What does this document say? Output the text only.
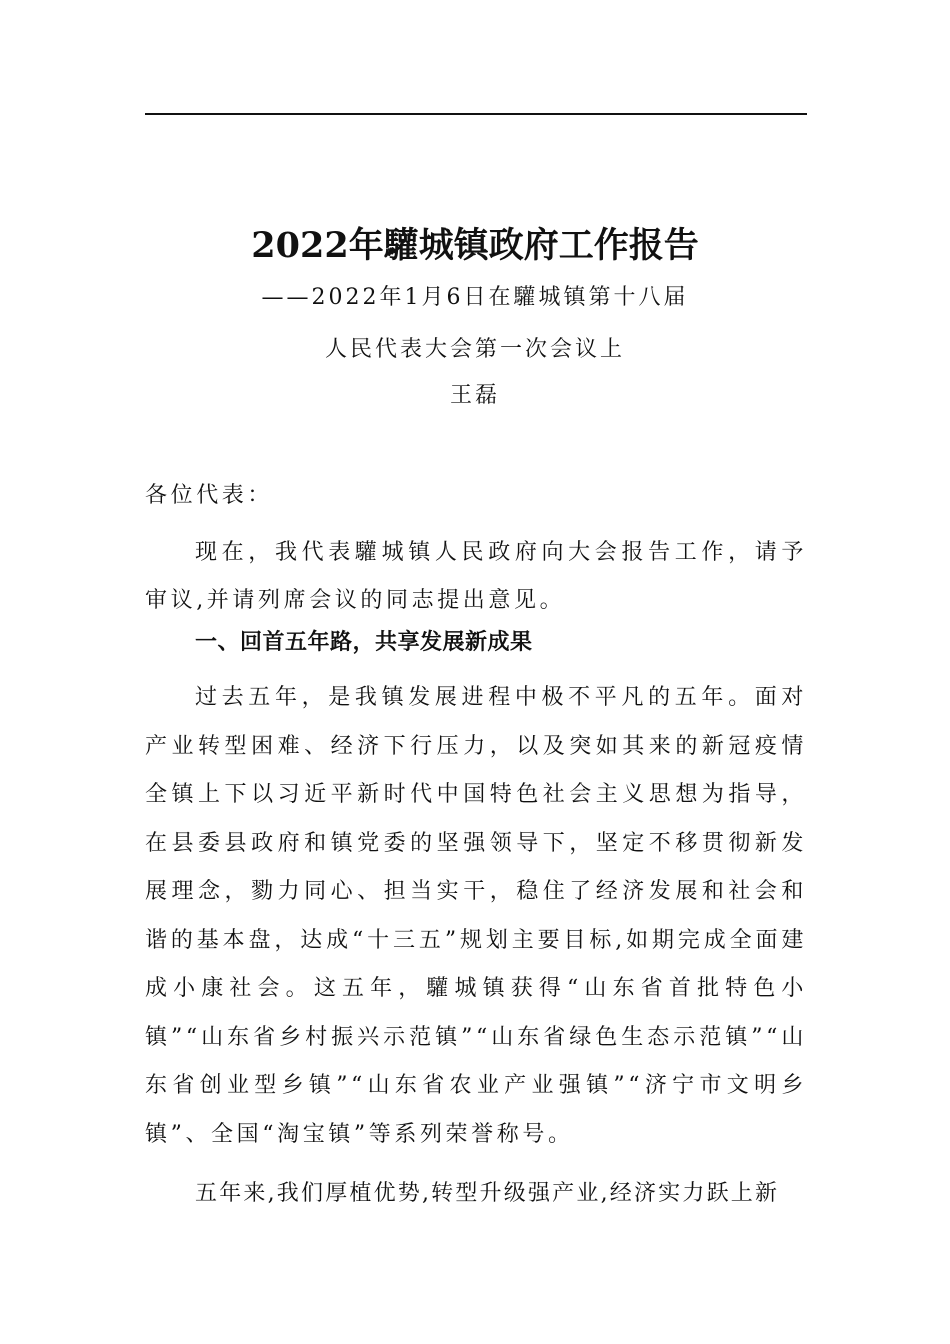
2022年驩城镇政府工作报告
——2022年1月6日在驩城镇第十八届
人民代表大会第一次会议上
王磊
各位代表：
现在，我代表驩城镇人民政府向大会报告工作，请予审议,并请列席会议的同志提出意见。
一、回首五年路，共享发展新成果
过去五年，是我镇发展进程中极不平凡的五年。面对产业转型困难、经济下行压力，以及突如其来的新冠疫情全镇上下以习近平新时代中国特色社会主义思想为指导，在县委县政府和镇党委的坚强领导下，坚定不移贯彻新发展理念，勠力同心、担当实干，稳住了经济发展和社会和谐的基本盘，达成“十三五”规划主要目标,如期完成全面建成小康社会。这五年，驩城镇获得“山东省首批特色小镇”“山东省乡村振兴示范镇”“山东省绿色生态示范镇”“山东省创业型乡镇”“山东省农业产业强镇”“济宁市文明乡镇”、全国“淘宝镇”等系列荣誉称号。
五年来,我们厚植优势,转型升级强产业,经济实力跃上新
